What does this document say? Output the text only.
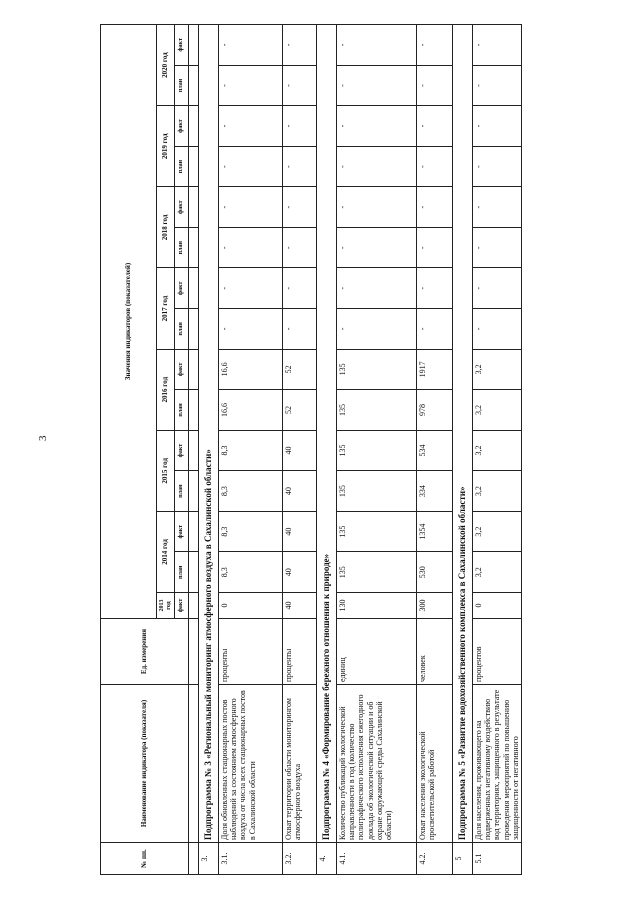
3
№ пп.	Наименование индикатора (показателя)	Ед. измерения	Значения индикаторов (показателей)														
			2013 год	2014 год		2015 год		2016 год		2017 год		2018 год		2019 год		2020 год	
			факт	план	факт	план	факт	план	факт	план	факт	план	факт	план	факт	план	факт

3.	Подпрограмма № 3 «Региональный мониторинг атмосферного воздуха в Сахалинской области»																
3.1.	Доля обновленных стационарных постов наблюдений за состоянием атмосферного воздуха от числа всех стационарных постов в Сахалинской области	проценты	0	8,3	8,3	8,3	8,3	16,6	16,6	-	-	-	-	-	-	-	-
3.2.	Охват территории области мониторингом атмосферного воздуха	проценты	40	40	40	40	40	52	52	-	-	-	-	-	-	-	-
4.	Подпрограмма № 4 «Формирование бережного отношения к природе»																
4.1.	Количество публикаций экологической направленности в год (количество полиграфического исполнения ежегодного доклада об экологической ситуации и об охране окружающей среды Сахалинской области)	единиц	130	135	135	135	135	135	135	-	-	-	-	-	-	-	-
4.2.	Охват населения экологической просветительской работой	человек	300	530	1354	334	534	978	1917	-	-	-	-	-	-	-	-
5	Подпрограмма № 5 «Развитие водохозяйственного комплекса в Сахалинской области»																
5.1	Доля населения, проживающего на подверженных негативному воздействию вод территориях, защищенного в результате проведения мероприятий по повышению защищенности от негативного	процентов	0	3,2	3,2	3,2	3,2	3,2	3,2	-	-	-	-	-	-	-	-
